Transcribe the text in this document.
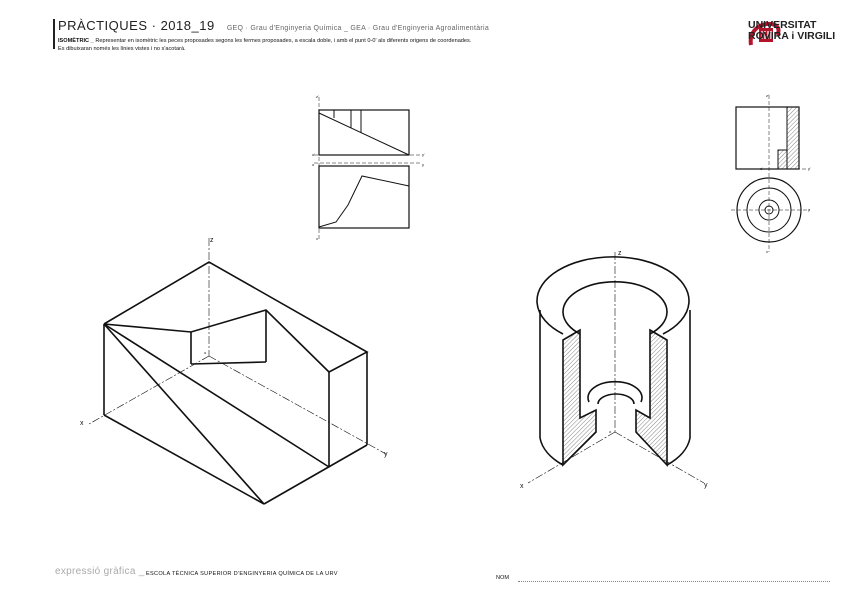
PRÀCTIQUES · 2018_19 GEQ · Grau d'Enginyeria Química _ GEA · Grau d'Enginyeria Agroalimentària
ISOMÈTRIC _ Representar en isomètric les peces proposades segons les fermes proposades, a escala doble, i amb el punt 0-0' als diferents origens de coordenades.
Es dibuixaran només les línies vistes i no s'acotarà.
UNIVERSITAT
ROVIRA i VIRGILI
z'
o'	y'
o	y
x
z'
y'
o'
y
x
z
x
y
o
z
x	y
o
expressió gràfica _ ESCOLA TÈCNICA SUPERIOR D'ENGINYERIA QUÍMICA DE LA URV
NOM
